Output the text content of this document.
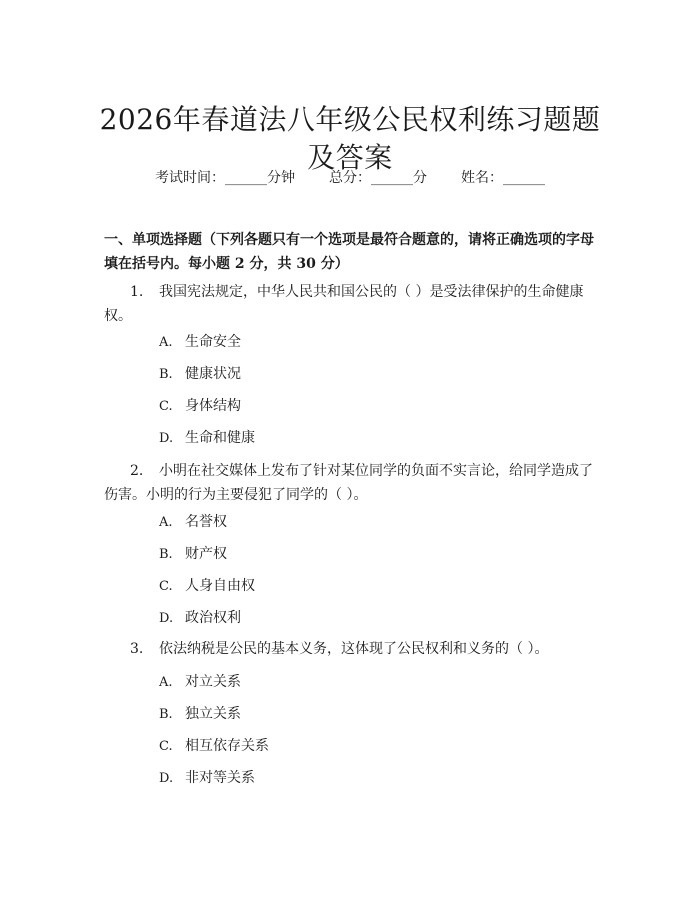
2026年春道法八年级公民权利练习题题及答案
考试时间：______分钟 总分：______分 姓名：______
一、单项选择题（下列各题只有一个选项是最符合题意的，请将正确选项的字母填在括号内。每小题 2 分，共 30 分）
1. 我国宪法规定，中华人民共和国公民的（ ）是受法律保护的生命健康权。
A. 生命安全
B. 健康状况
C. 身体结构
D. 生命和健康
2. 小明在社交媒体上发布了针对某位同学的负面不实言论，给同学造成了伤害。小明的行为主要侵犯了同学的（ ）。
A. 名誉权
B. 财产权
C. 人身自由权
D. 政治权利
3. 依法纳税是公民的基本义务，这体现了公民权利和义务的（ ）。
A. 对立关系
B. 独立关系
C. 相互依存关系
D. 非对等关系
